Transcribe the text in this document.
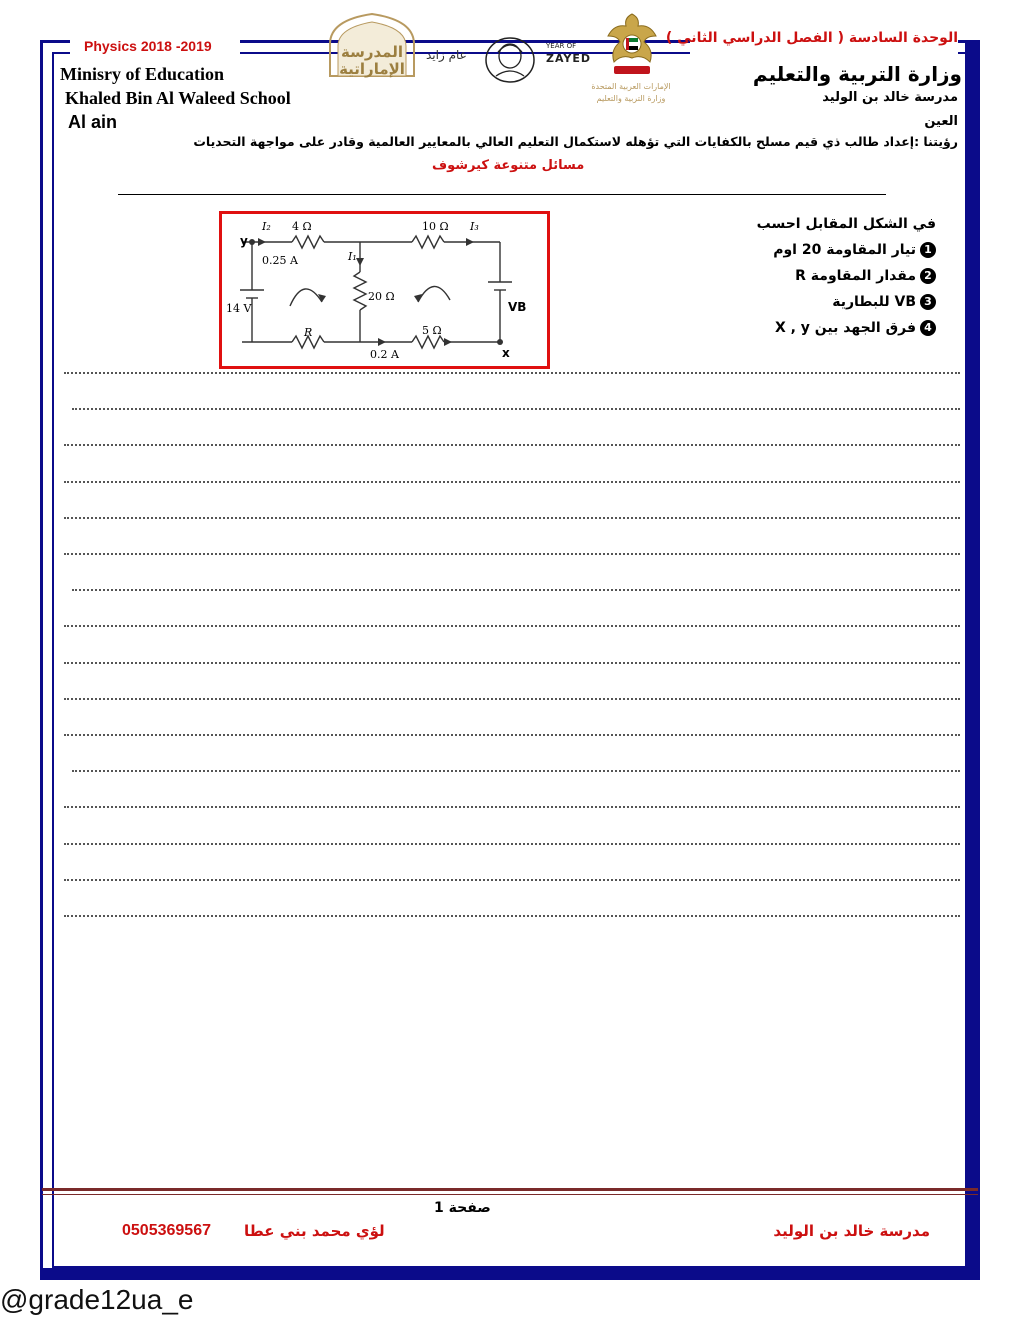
Physics 2018 -2019	الوحدة السادسة ( الفصل الدراسي الثاني )
Minisry of Education
Khaled Bin Al Waleed School
Al ain
وزارة التربية والتعليم
مدرسة خالد بن الوليد
العين
رؤيتنا :إعداد طالب ذي قيم مسلح بالكفايات التي تؤهله لاستكمال التعليم العالي بالمعايير العالمية وقادر على مواجهة التحديات
مسائل متنوعة كيرشوف
المدرسة الإماراتية
عام زايد
YEAR OF
ZAYED
الإمارات العربية المتحدة
وزارة التربية والتعليم
I₂ 4 Ω	10 Ω I₃
y
I₁
0.25 A
20 Ω
14 V	VB
R	5 Ω
0.2 A	x
في الشكل المقابل احسب
1تيار المقاومة 20 اوم
2مقدار المقاومة R
3VB للبطارية
4فرق الجهد بين X , y
صفحة 1
0505369567 لؤي محمد بني عطا	مدرسة خالد بن الوليد
@grade12ua_e
